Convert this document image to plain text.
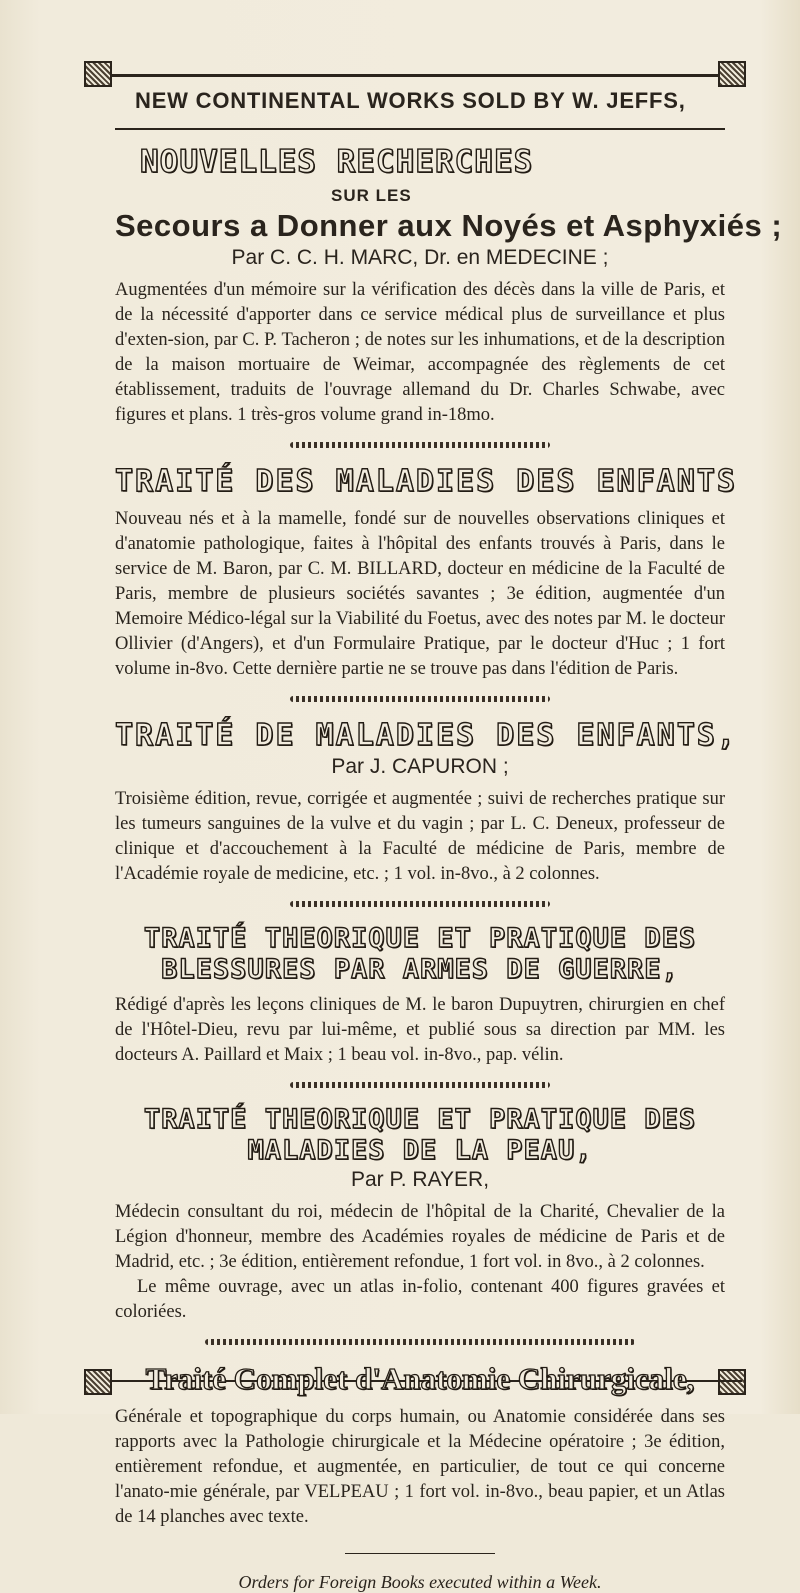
NEW CONTINENTAL WORKS SOLD BY W. JEFFS,
NOUVELLES RECHERCHES
SUR LES
Secours a Donner aux Noyés et Asphyxiés ;
Par C. C. H. MARC, Dr. en MEDECINE ;
Augmentées d'un mémoire sur la vérification des décès dans la ville de Paris, et de la nécessité d'apporter dans ce service médical plus de surveillance et plus d'exten-sion, par C. P. Tacheron ; de notes sur les inhumations, et de la description de la maison mortuaire de Weimar, accompagnée des règlements de cet établissement, traduits de l'ouvrage allemand du Dr. Charles Schwabe, avec figures et plans. 1 très-gros volume grand in-18mo.
TRAITÉ DES MALADIES DES ENFANTS
Nouveau nés et à la mamelle, fondé sur de nouvelles observations cliniques et d'anatomie pathologique, faites à l'hôpital des enfants trouvés à Paris, dans le service de M. Baron, par C. M. BILLARD, docteur en médicine de la Faculté de Paris, membre de plusieurs sociétés savantes ; 3e édition, augmentée d'un Memoire Médico-légal sur la Viabilité du Foetus, avec des notes par M. le docteur Ollivier (d'Angers), et d'un Formulaire Pratique, par le docteur d'Huc ; 1 fort volume in-8vo. Cette dernière partie ne se trouve pas dans l'édition de Paris.
TRAITÉ DE MALADIES DES ENFANTS,
Par J. CAPURON ;
Troisième édition, revue, corrigée et augmentée ; suivi de recherches pratique sur les tumeurs sanguines de la vulve et du vagin ; par L. C. Deneux, professeur de clinique et d'accouchement à la Faculté de médicine de Paris, membre de l'Académie royale de medicine, etc. ; 1 vol. in-8vo., à 2 colonnes.
TRAITÉ THEORIQUE ET PRATIQUE DES
BLESSURES PAR ARMES DE GUERRE,
Rédigé d'après les leçons cliniques de M. le baron Dupuytren, chirurgien en chef de l'Hôtel-Dieu, revu par lui-même, et publié sous sa direction par MM. les docteurs A. Paillard et Maix ; 1 beau vol. in-8vo., pap. vélin.
TRAITÉ THEORIQUE ET PRATIQUE DES
MALADIES DE LA PEAU,
Par P. RAYER,
Médecin consultant du roi, médecin de l'hôpital de la Charité, Chevalier de la Légion d'honneur, membre des Académies royales de médicine de Paris et de Madrid, etc. ; 3e édition, entièrement refondue, 1 fort vol. in 8vo., à 2 colonnes.
Le même ouvrage, avec un atlas in-folio, contenant 400 figures gravées et coloriées.
Traité Complet d'Anatomie Chirurgicale,
Générale et topographique du corps humain, ou Anatomie considérée dans ses rapports avec la Pathologie chirurgicale et la Médecine opératoire ; 3e édition, entièrement refondue, et augmentée, en particulier, de tout ce qui concerne l'anato-mie générale, par VELPEAU ; 1 fort vol. in-8vo., beau papier, et un Atlas de 14 planches avec texte.
Orders for Foreign Books executed within a Week.
